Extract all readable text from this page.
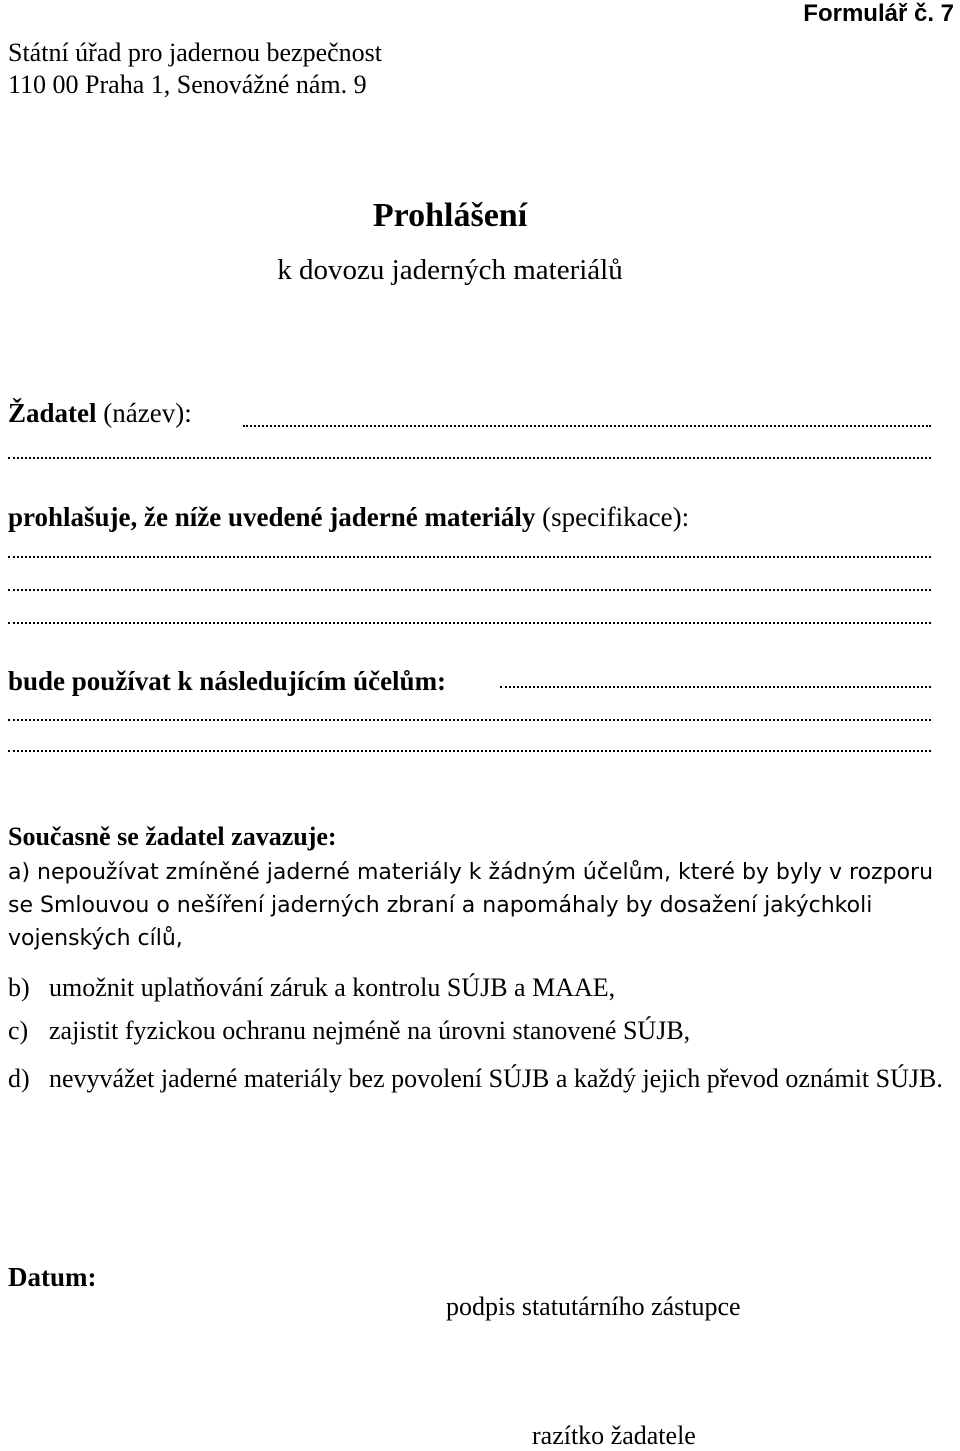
Formulář č. 7
Státní úřad pro jadernou bezpečnost
110 00 Praha 1, Senovážné nám. 9
Prohlášení
k dovozu jaderných materiálů
Žadatel (název):
prohlašuje, že níže uvedené jaderné materiály (specifikace):
bude používat k následujícím účelům:
Současně se žadatel zavazuje:
a) nepoužívat zmíněné jaderné materiály k žádným účelům, které by byly v rozporu se Smlouvou o nešíření jaderných zbraní a napomáhaly by dosažení jakýchkoli vojenských cílů,
b) umožnit uplatňování záruk a kontrolu SÚJB a MAAE,
c) zajistit fyzickou ochranu nejméně na úrovni stanovené SÚJB,
d) nevyvážet jaderné materiály bez povolení SÚJB a každý jejich převod oznámit SÚJB.
Datum:
podpis statutárního zástupce
razítko žadatele
